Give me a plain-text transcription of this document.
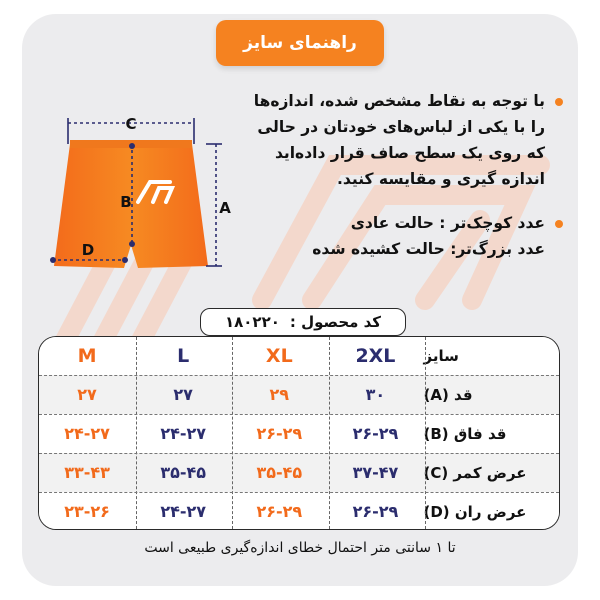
راهنمای سایز
با توجه به نقاط مشخص شده، اندازه‌ها
را با یکی از لباس‌های خودتان در حالی
که روی یک سطح صاف قرار داده‌اید
اندازه گیری و مقایسه کنید.
عدد کوچک‌تر : حالت عادی
عدد بزرگ‌تر: حالت کشیده شده
C
B	A
D
کد محصول :
۱۸۰۲۲۰
سایز
2XL
XL
L
M
قد (A)
۳۰
۲۹
۲۷
۲۷
قد فاق (B)
۲۶-۲۹
۲۶-۲۹
۲۴-۲۷
۲۴-۲۷
عرض کمر (C)
۳۷-۴۷
۳۵-۴۵
۳۵-۴۵
۳۳-۴۳
عرض ران (D)
۲۶-۲۹
۲۶-۲۹
۲۴-۲۷
۲۳-۲۶
تا ۱ سانتی متر احتمال خطای اندازه‌گیری طبیعی است
